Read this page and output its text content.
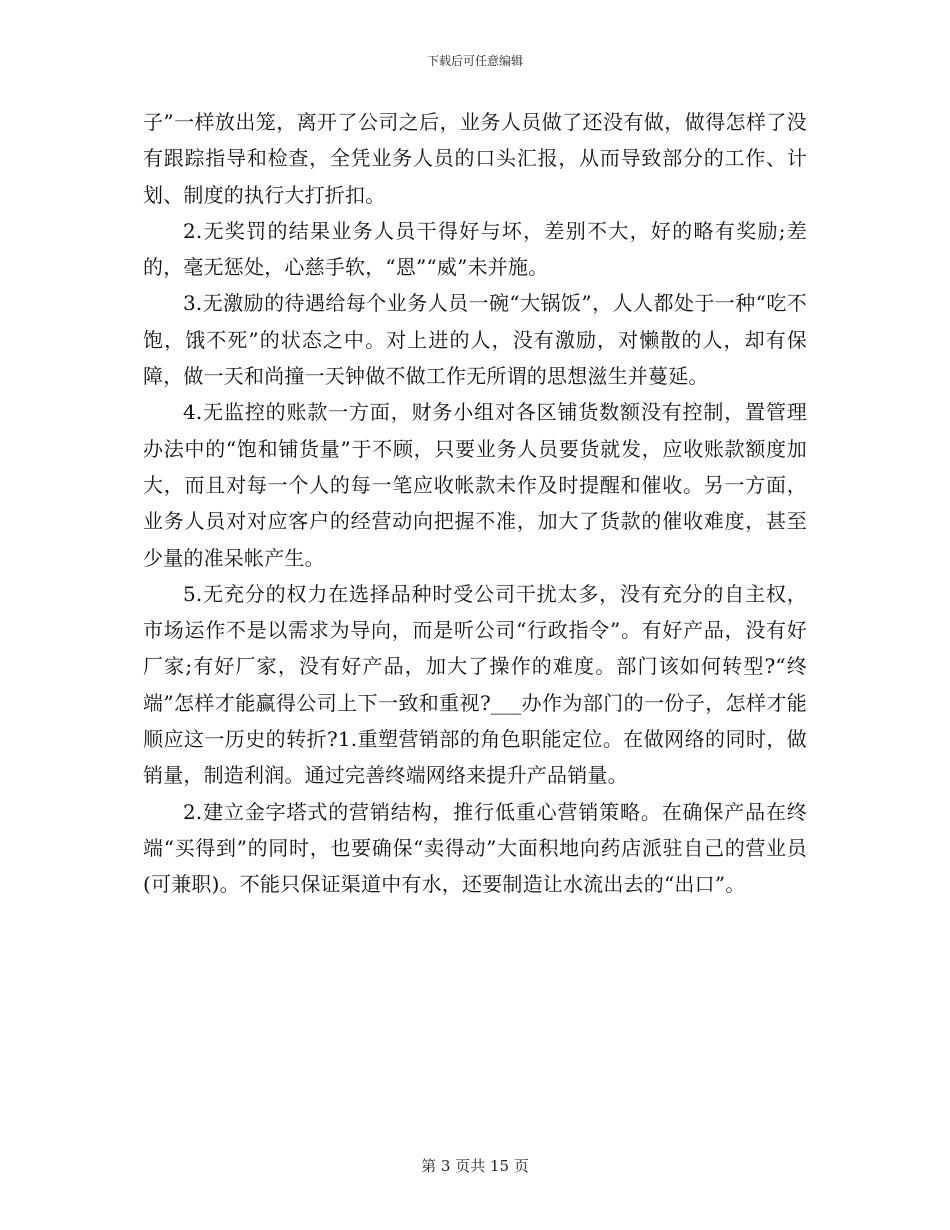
下载后可任意编辑

子”一样放出笼，离开了公司之后，业务人员做了还没有做，做得怎样了没有跟踪指导和检查，全凭业务人员的口头汇报，从而导致部分的工作、计划、制度的执行大打折扣。

2.无奖罚的结果业务人员干得好与坏，差别不大，好的略有奖励;差的，毫无惩处，心慈手软，“恩”“威”未并施。

3.无激励的待遇给每个业务人员一碗“大锅饭”，人人都处于一种“吃不饱，饿不死”的状态之中。对上进的人，没有激励，对懒散的人，却有保障，做一天和尚撞一天钟做不做工作无所谓的思想滋生并蔓延。

4.无监控的账款一方面，财务小组对各区铺货数额没有控制，置管理办法中的“饱和铺货量”于不顾，只要业务人员要货就发，应收账款额度加大，而且对每一个人的每一笔应收帐款未作及时提醒和催收。另一方面，业务人员对对应客户的经营动向把握不准，加大了货款的催收难度，甚至少量的准呆帐产生。

5.无充分的权力在选择品种时受公司干扰太多，没有充分的自主权，市场运作不是以需求为导向，而是听公司“行政指令”。有好产品，没有好厂家;有好厂家，没有好产品，加大了操作的难度。部门该如何转型?“终端”怎样才能赢得公司上下一致和重视?___办作为部门的一份子，怎样才能顺应这一历史的转折?1.重塑营销部的角色职能定位。在做网络的同时，做销量，制造利润。通过完善终端网络来提升产品销量。

2.建立金字塔式的营销结构，推行低重心营销策略。在确保产品在终端“买得到”的同时，也要确保“卖得动”大面积地向药店派驻自己的营业员(可兼职)。不能只保证渠道中有水，还要制造让水流出去的“出口”。

第 3 页共 15 页
